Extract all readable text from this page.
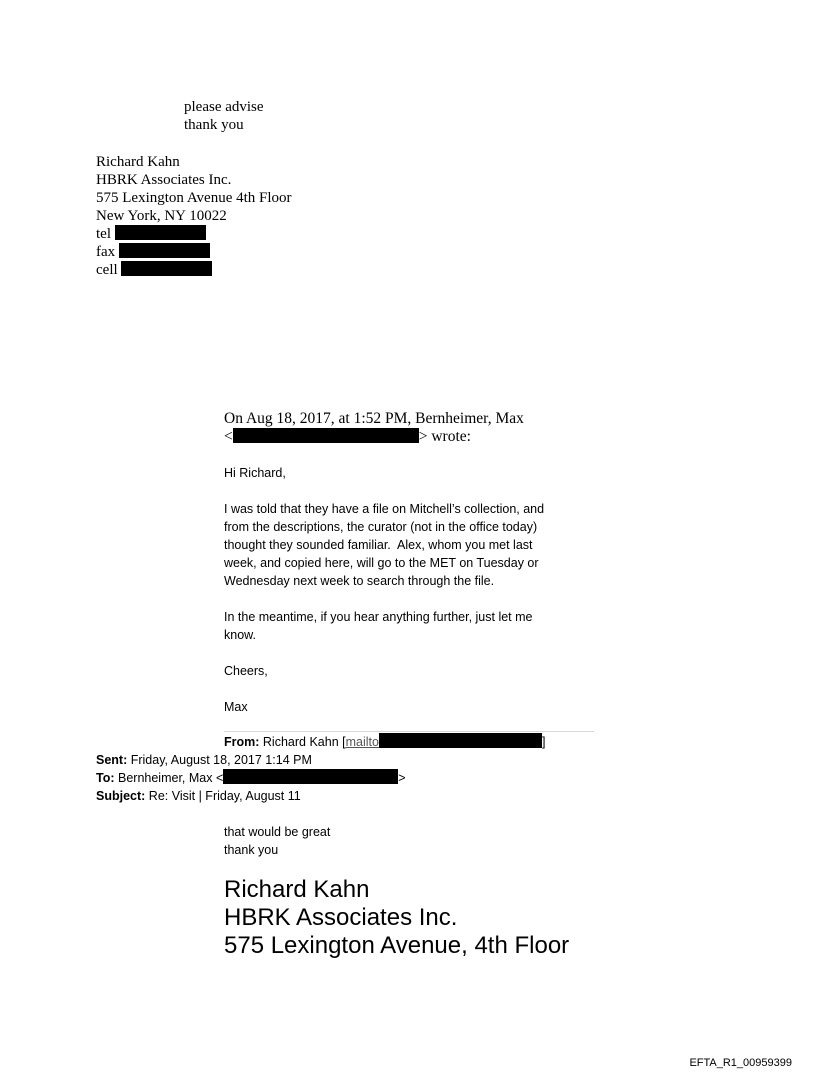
please advise
thank you
Richard Kahn
HBRK Associates Inc.
575 Lexington Avenue 4th Floor
New York, NY 10022
tel
fax
cell
On Aug 18, 2017, at 1:52 PM, Bernheimer, Max
<	> wrote:
Hi Richard,
I was told that they have a file on Mitchell’s collection, and
from the descriptions, the curator (not in the office today)
thought they sounded familiar.  Alex, whom you met last
week, and copied here, will go to the MET on Tuesday or
Wednesday next week to search through the file.
In the meantime, if you hear anything further, just let me
know.
Cheers,
Max
From: Richard Kahn [mailto	]
Sent: Friday, August 18, 2017 1:14 PM
To: Bernheimer, Max <	>
Subject: Re: Visit | Friday, August 11
that would be great
thank you
Richard Kahn
HBRK Associates Inc.
575 Lexington Avenue, 4th Floor
EFTA_R1_00959399
